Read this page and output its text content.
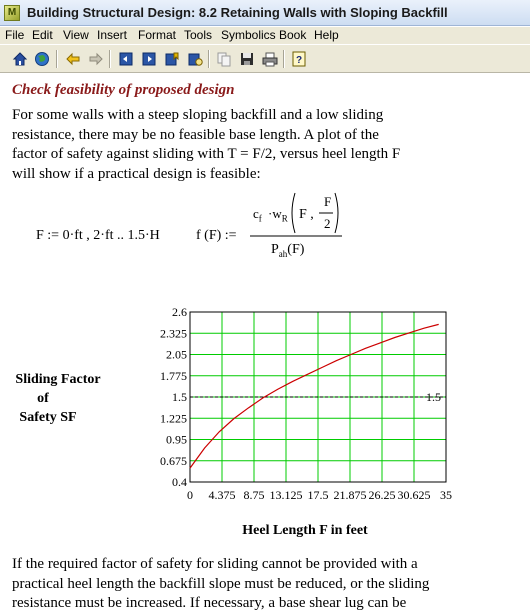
M Building Structural Design: 8.2 Retaining Walls with Sloping Backfill
File Edit View Insert Format Tools Symbolics Book Help
?
Check feasibility of proposed design
For some walls with a steep sloping backfill and a low sliding
resistance, there may be no feasible base length. A plot of the
factor of safety against sliding with T = F/2, versus heel length F
will show if a practical design is feasible:
F := 0·ft , 2·ft .. 1.5·H	f (F) :=
$c_f \cdot w_R$ F ,
F
2
$P_{ah}(F)$
Sliding Factor
of
Safety SF
2.6
2.325
2.05
1.775
1.5
1.225
0.95
0.675
0.4
0 4.375 8.75 13.125 17.5 21.875 26.25 30.625 35
1.5
Heel Length F in feet
If the required factor of safety for sliding cannot be provided with a
practical heel length the backfill slope must be reduced, or the sliding
resistance must be increased. If necessary, a base shear lug can be
